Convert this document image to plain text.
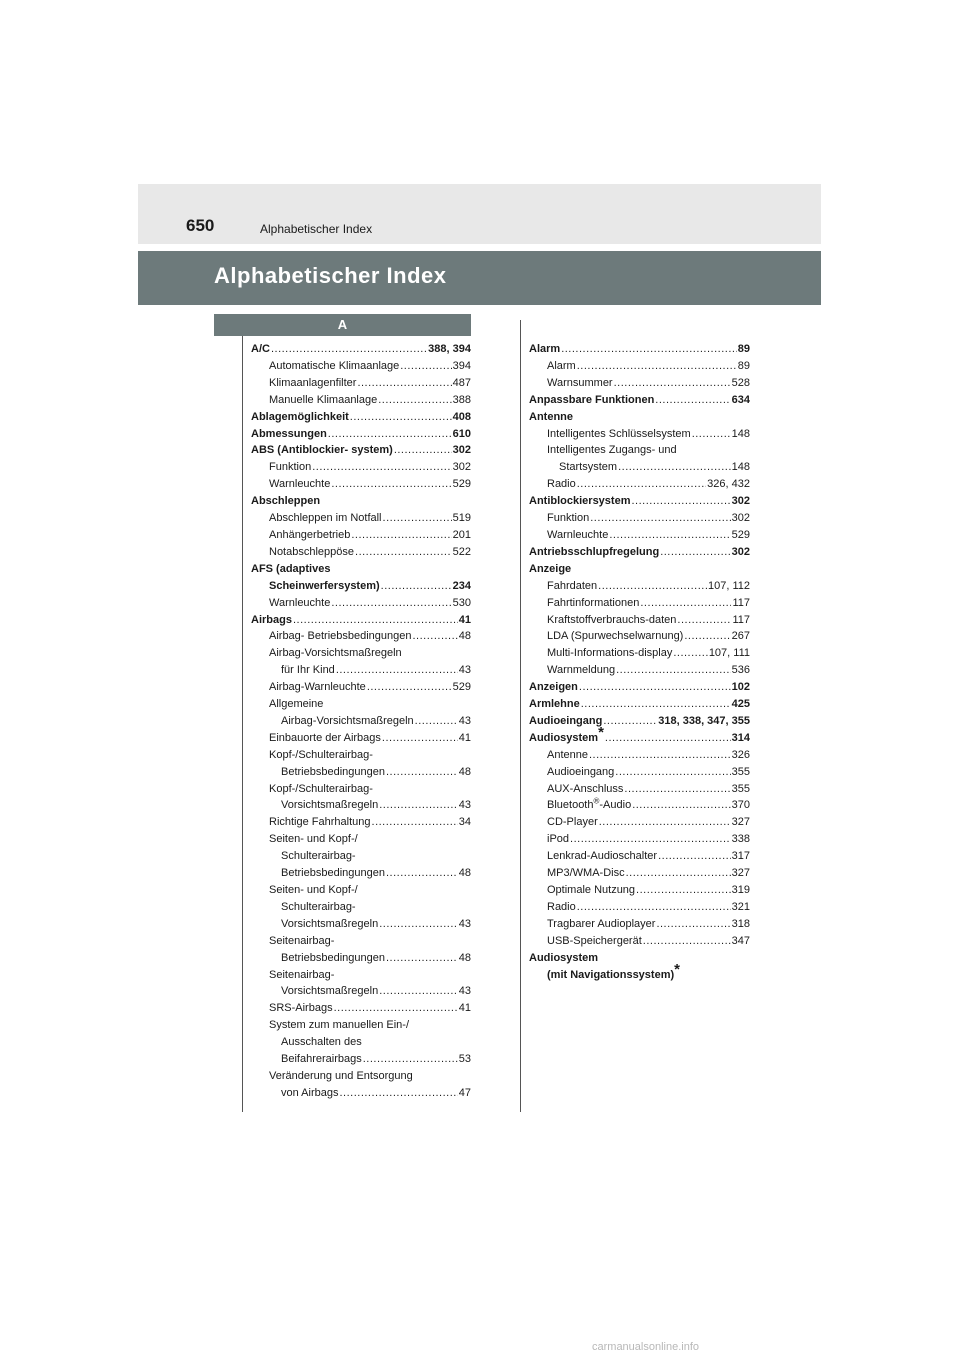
650	Alphabetischer Index
Alphabetischer Index
A
A/C .....	388, 394
Automatische Klimaanlage .....	394
Klimaanlagenfilter .....	487
Manuelle Klimaanlage .....	388
Ablagemöglichkeit .....	408
Abmessungen .....	610
ABS (Antiblockier- system) .....	302
Funktion .....	302
Warnleuchte .....	529
Abschleppen
Abschleppen im Notfall .....	519
Anhängerbetrieb .....	201
Notabschleppöse .....	522
AFS (adaptives
Scheinwerfersystem) .....	234
Warnleuchte .....	530
Airbags .....	41
Airbag- Betriebsbedingungen .....	48
Airbag-Vorsichtsmaßregeln
für Ihr Kind .....	43
Airbag-Warnleuchte .....	529
Allgemeine
Airbag-Vorsichtsmaßregeln .....	43
Einbauorte der Airbags .....	41
Kopf-/Schulterairbag-
Betriebsbedingungen .....	48
Kopf-/Schulterairbag-
Vorsichtsmaßregeln .....	43
Richtige Fahrhaltung .....	34
Seiten- und Kopf-/
Schulterairbag-
Betriebsbedingungen .....	48
Seiten- und Kopf-/
Schulterairbag-
Vorsichtsmaßregeln .....	43
Seitenairbag-
Betriebsbedingungen .....	48
Seitenairbag-
Vorsichtsmaßregeln .....	43
SRS-Airbags .....	41
System zum manuellen Ein-/
Ausschalten des
Beifahrerairbags .....	53
Veränderung und Entsorgung
von Airbags .....	47
Alarm .....	89
Alarm .....	89
Warnsummer .....	528
Anpassbare Funktionen .....	634
Antenne
Intelligentes Schlüsselsystem .....	148
Intelligentes Zugangs- und
Startsystem .....	148
Radio .....	326, 432
Antiblockiersystem .....	302
Funktion .....	302
Warnleuchte .....	529
Antriebsschlupfregelung .....	302
Anzeige
Fahrdaten .....	107, 112
Fahrtinformationen .....	117
Kraftstoffverbrauchs-daten .....	117
LDA (Spurwechselwarnung) .....	267
Multi-Informations-display .....	107, 111
Warnmeldung .....	536
Anzeigen .....	102
Armlehne .....	425
Audioeingang .....	318, 338, 347, 355
Audiosystem* .....	314
Antenne .....	326
Audioeingang .....	355
AUX-Anschluss .....	355
Bluetooth®-Audio .....	370
CD-Player .....	327
iPod .....	338
Lenkrad-Audioschalter .....	317
MP3/WMA-Disc .....	327
Optimale Nutzung .....	319
Radio .....	321
Tragbarer Audioplayer .....	318
USB-Speichergerät .....	347
Audiosystem
(mit Navigationssystem)*
carmanualsonline.info
